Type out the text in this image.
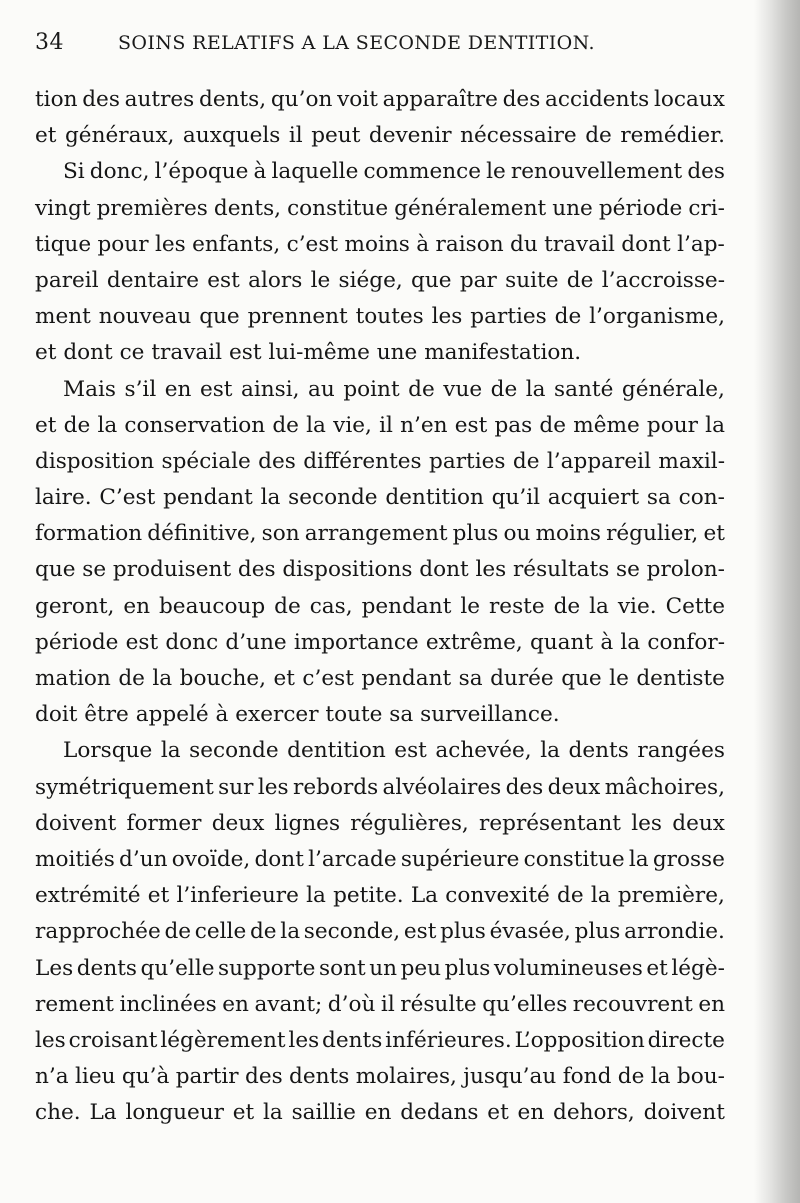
34	SOINS RELATIFS A LA SECONDE DENTITION.
tion des autres dents, qu’on voit apparaître des accidents locaux
et généraux, auxquels il peut devenir nécessaire de remédier.
Si donc, l’époque à laquelle commence le renouvellement des
vingt premières dents, constitue généralement une période cri-
tique pour les enfants, c’est moins à raison du travail dont l’ap-
pareil dentaire est alors le siége, que par suite de l’accroisse-
ment nouveau que prennent toutes les parties de l’organisme,
et dont ce travail est lui-même une manifestation.
Mais s’il en est ainsi, au point de vue de la santé générale,
et de la conservation de la vie, il n’en est pas de même pour la
disposition spéciale des différentes parties de l’appareil maxil-
laire. C’est pendant la seconde dentition qu’il acquiert sa con-
formation définitive, son arrangement plus ou moins régulier, et
que se produisent des dispositions dont les résultats se prolon-
geront, en beaucoup de cas, pendant le reste de la vie. Cette
période est donc d’une importance extrême, quant à la confor-
mation de la bouche, et c’est pendant sa durée que le dentiste
doit être appelé à exercer toute sa surveillance.
Lorsque la seconde dentition est achevée, la dents rangées
symétriquement sur les rebords alvéolaires des deux mâchoires,
doivent former deux lignes régulières, représentant les deux
moitiés d’un ovoïde, dont l’arcade supérieure constitue la grosse
extrémité et l’inferieure la petite. La convexité de la première,
rapprochée de celle de la seconde, est plus évasée, plus arrondie.
Les dents qu’elle supporte sont un peu plus volumineuses et légè-
rement inclinées en avant; d’où il résulte qu’elles recouvrent en
les croisant légèrement les dents inférieures. L’opposition directe
n’a lieu qu’à partir des dents molaires, jusqu’au fond de la bou-
che. La longueur et la saillie en dedans et en dehors, doivent
